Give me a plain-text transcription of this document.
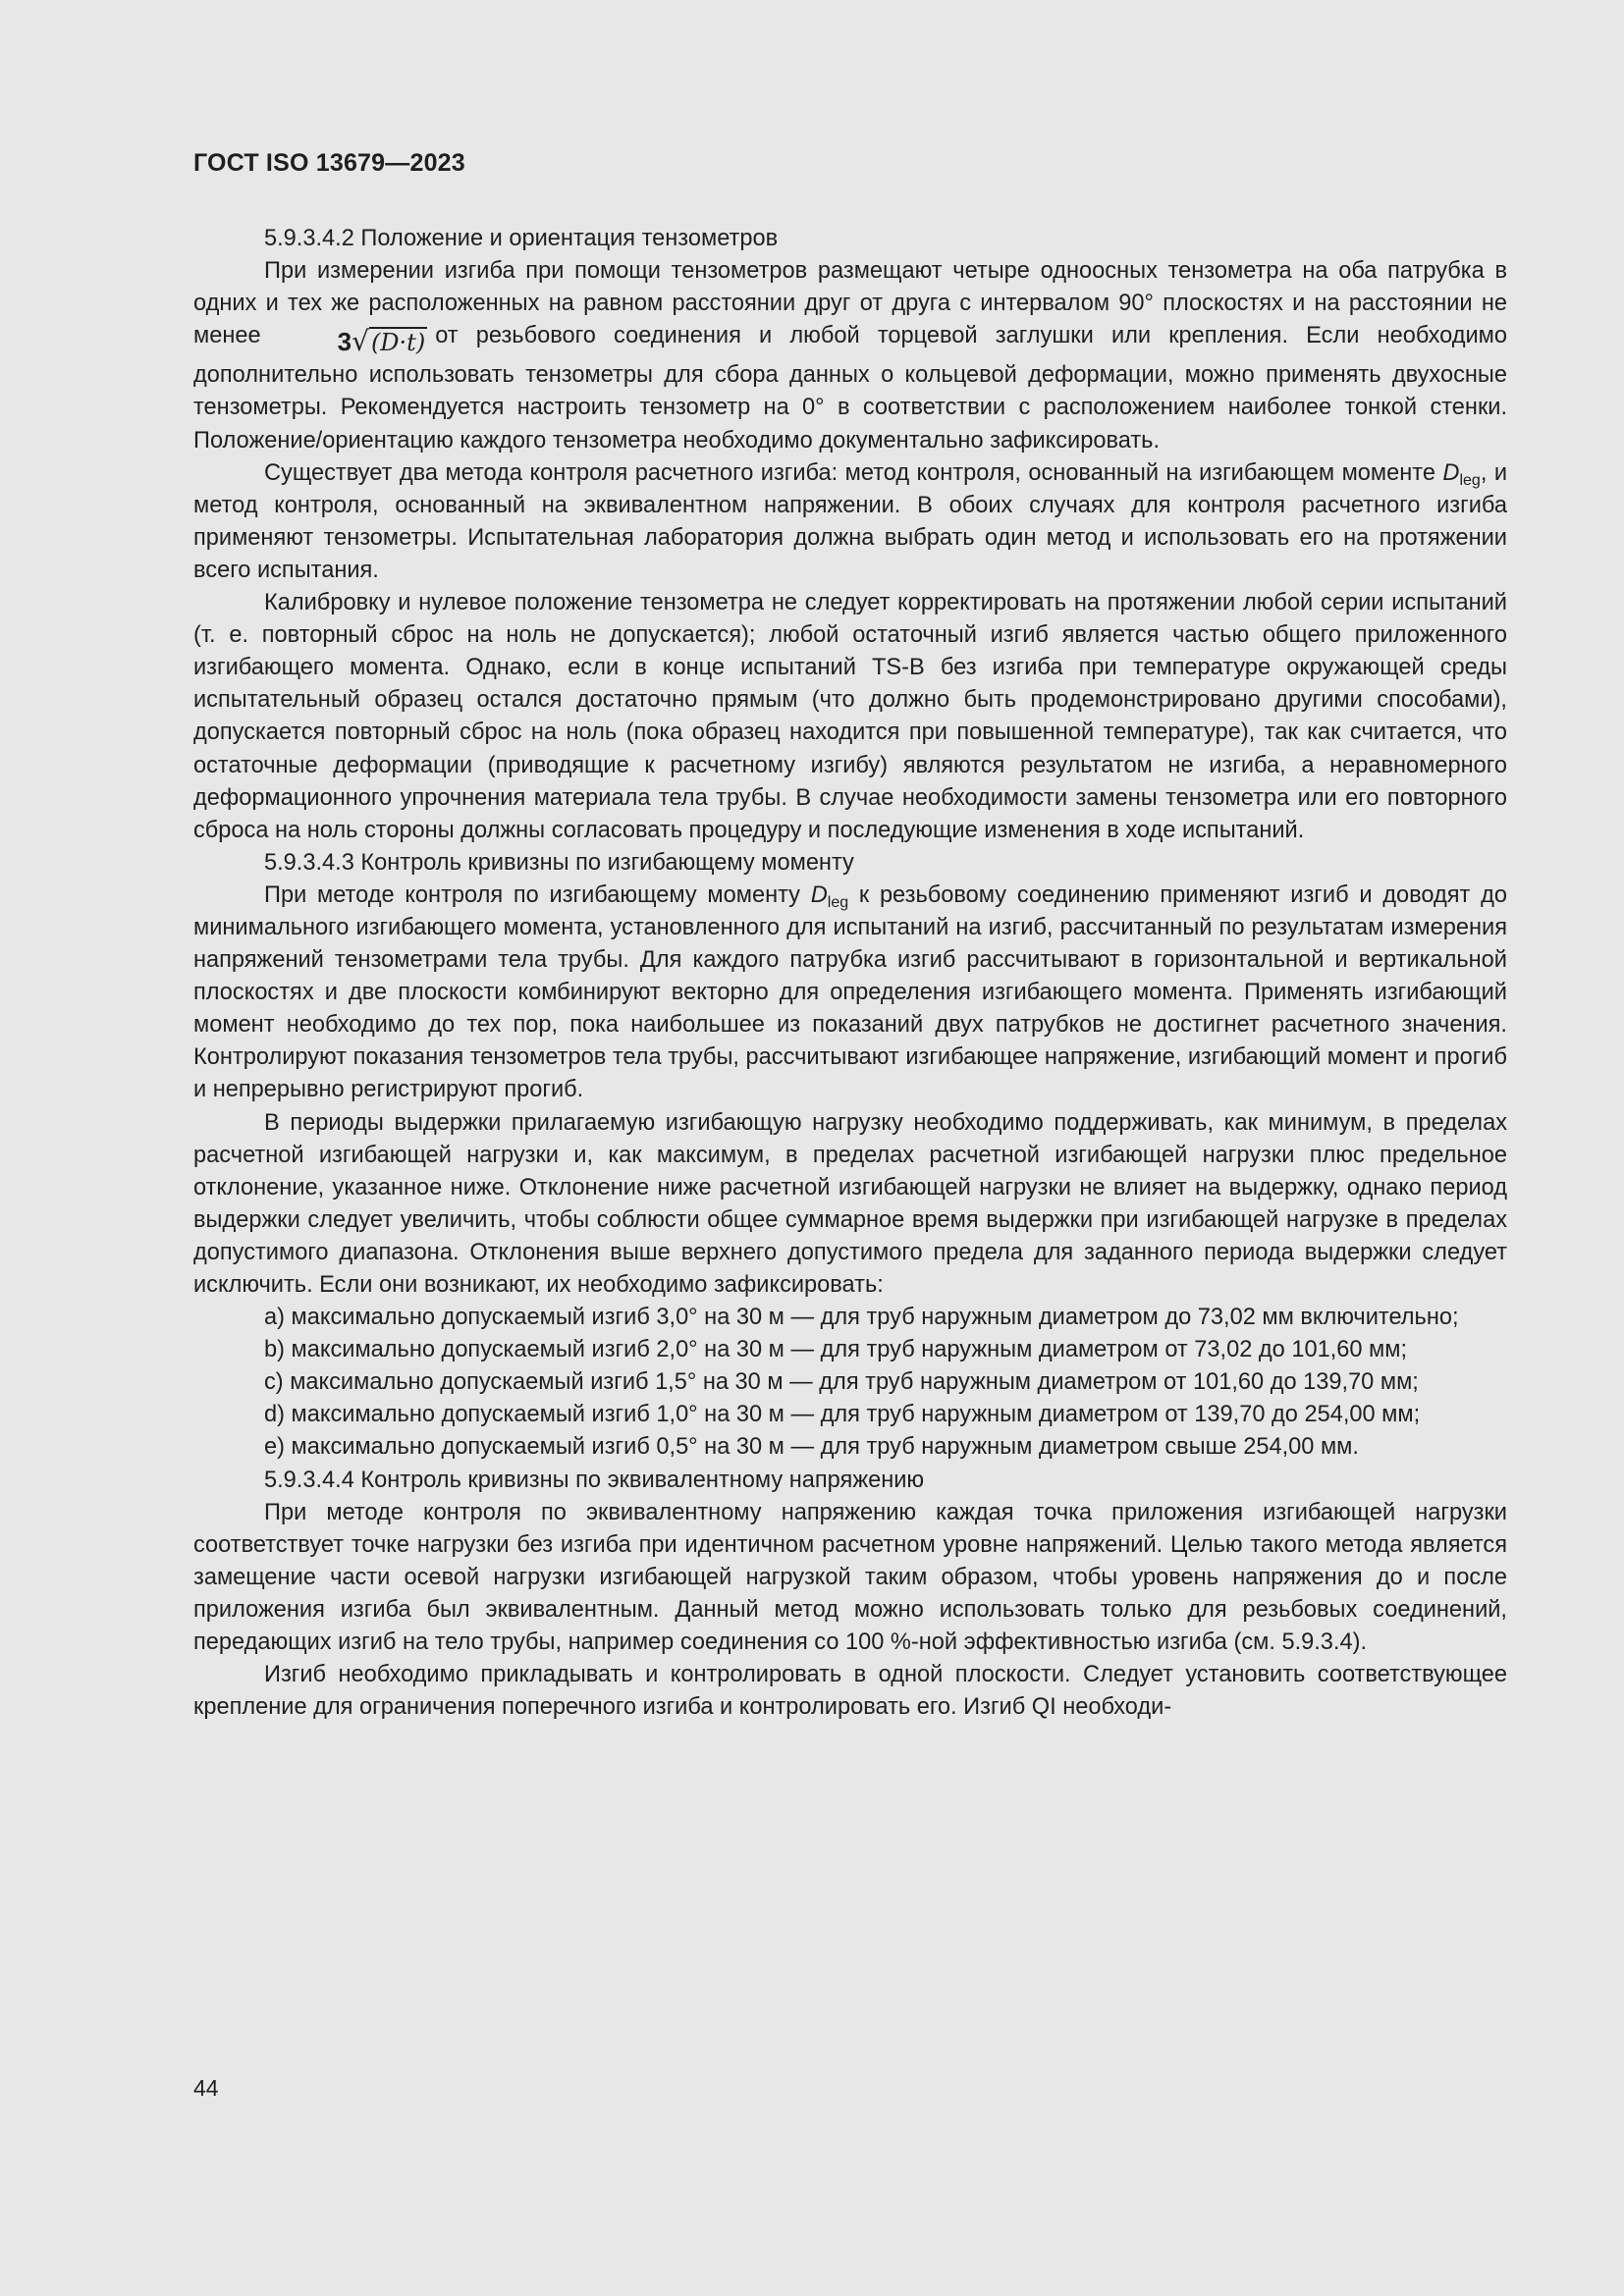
ГОСТ ISO 13679—2023

5.9.3.4.2 Положение и ориентация тензометров

При измерении изгиба при помощи тензометров размещают четыре одноосных тензометра на оба патрубка в одних и тех же расположенных на равном расстоянии друг от друга с интервалом 90° плоскостях и на расстоянии не менее	3√(D·t) от резьбового соединения и любой торцевой заглушки или крепления. Если необходимо дополнительно использовать тензометры для сбора данных о кольцевой деформации, можно применять двухосные тензометры. Рекомендуется настроить тензометр на 0° в соответствии с расположением наиболее тонкой стенки. Положение/ориентацию каждого тензометра необходимо документально зафиксировать.

Существует два метода контроля расчетного изгиба: метод контроля, основанный на изгибающем моменте $D_{leg}$, и метод контроля, основанный на эквивалентном напряжении. В обоих случаях для контроля расчетного изгиба применяют тензометры. Испытательная лаборатория должна выбрать один метод и использовать его на протяжении всего испытания.

Калибровку и нулевое положение тензометра не следует корректировать на протяжении любой серии испытаний (т. е. повторный сброс на ноль не допускается); любой остаточный изгиб является частью общего приложенного изгибающего момента. Однако, если в конце испытаний TS-B без изгиба при температуре окружающей среды испытательный образец остался достаточно прямым (что должно быть продемонстрировано другими способами), допускается повторный сброс на ноль (пока образец находится при повышенной температуре), так как считается, что остаточные деформации (приводящие к расчетному изгибу) являются результатом не изгиба, а неравномерного деформационного упрочнения материала тела трубы. В случае необходимости замены тензометра или его повторного сброса на ноль стороны должны согласовать процедуру и последующие изменения в ходе испытаний.

5.9.3.4.3 Контроль кривизны по изгибающему моменту

При методе контроля по изгибающему моменту $D_{leg}$ к резьбовому соединению применяют изгиб и доводят до минимального изгибающего момента, установленного для испытаний на изгиб, рассчитанный по результатам измерения напряжений тензометрами тела трубы. Для каждого патрубка изгиб рассчитывают в горизонтальной и вертикальной плоскостях и две плоскости комбинируют векторно для определения изгибающего момента. Применять изгибающий момент необходимо до тех пор, пока наибольшее из показаний двух патрубков не достигнет расчетного значения. Контролируют показания тензометров тела трубы, рассчитывают изгибающее напряжение, изгибающий момент и прогиб и непрерывно регистрируют прогиб.

В периоды выдержки прилагаемую изгибающую нагрузку необходимо поддерживать, как минимум, в пределах расчетной изгибающей нагрузки и, как максимум, в пределах расчетной изгибающей нагрузки плюс предельное отклонение, указанное ниже. Отклонение ниже расчетной изгибающей нагрузки не влияет на выдержку, однако период выдержки следует увеличить, чтобы соблюсти общее суммарное время выдержки при изгибающей нагрузке в пределах допустимого диапазона. Отклонения выше верхнего допустимого предела для заданного периода выдержки следует исключить. Если они возникают, их необходимо зафиксировать:

a) максимально допускаемый изгиб 3,0° на 30 м — для труб наружным диаметром до 73,02 мм включительно;

b) максимально допускаемый изгиб 2,0° на 30 м — для труб наружным диаметром от 73,02 до 101,60 мм;

c) максимально допускаемый изгиб 1,5° на 30 м — для труб наружным диаметром от 101,60 до 139,70 мм;

d) максимально допускаемый изгиб 1,0° на 30 м — для труб наружным диаметром от 139,70 до 254,00 мм;

e) максимально допускаемый изгиб 0,5° на 30 м — для труб наружным диаметром свыше 254,00 мм.

5.9.3.4.4 Контроль кривизны по эквивалентному напряжению

При методе контроля по эквивалентному напряжению каждая точка приложения изгибающей нагрузки соответствует точке нагрузки без изгиба при идентичном расчетном уровне напряжений. Целью такого метода является замещение части осевой нагрузки изгибающей нагрузкой таким образом, чтобы уровень напряжения до и после приложения изгиба был эквивалентным. Данный метод можно использовать только для резьбовых соединений, передающих изгиб на тело трубы, например соединения со 100 %-ной эффективностью изгиба (см. 5.9.3.4).

Изгиб необходимо прикладывать и контролировать в одной плоскости. Следует установить соответствующее крепление для ограничения поперечного изгиба и контролировать его. Изгиб QI необходи-

44
